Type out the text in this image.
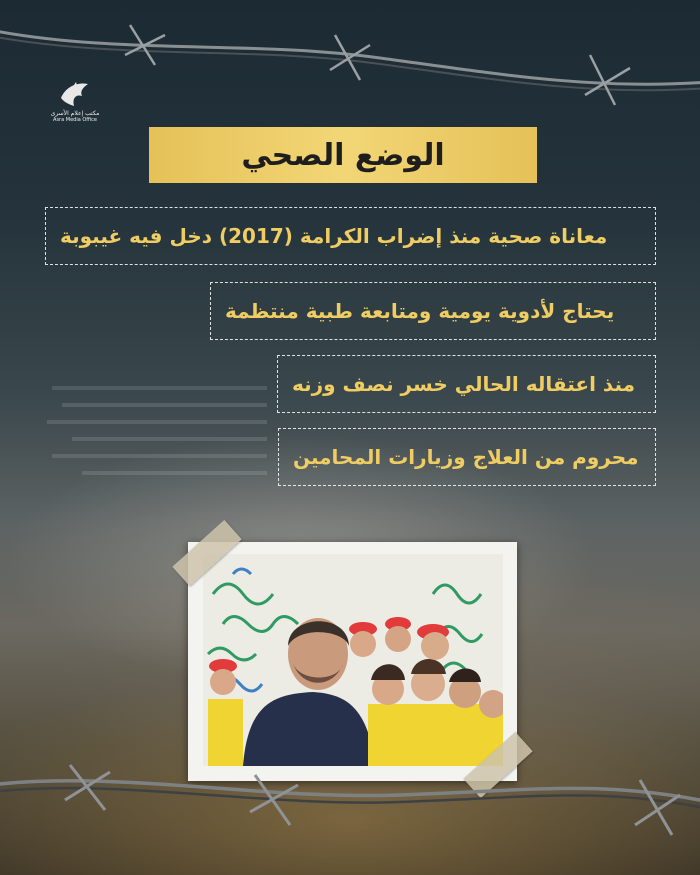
مكتب إعلام الأسرى
Asra Media Office
الوضع الصحي
معاناة صحية منذ إضراب الكرامة (2017) دخل فيه غيبوبة
يحتاج لأدوية يومية ومتابعة طبية منتظمة
منذ اعتقاله الحالي خسر نصف وزنه
محروم من العلاج وزيارات المحامين
